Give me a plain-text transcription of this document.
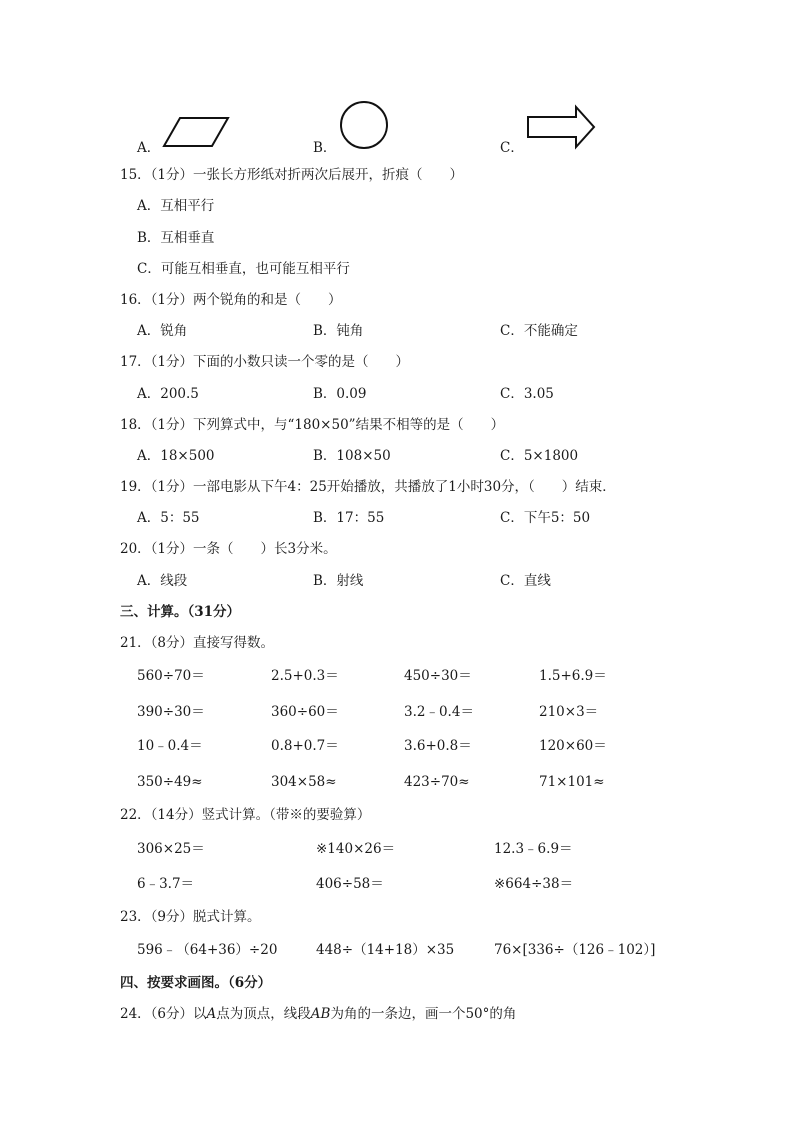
A．	B．	C．
15．（1分）一张长方形纸对折两次后展开，折痕（　　）
A．互相平行
B．互相垂直
C．可能互相垂直，也可能互相平行
16．（1分）两个锐角的和是（　　）
A．锐角	B．钝角	C．不能确定
17．（1分）下面的小数只读一个零的是（　　）
A．200.5	B．0.09	C．3.05
18．（1分）下列算式中，与“180×50”结果不相等的是（　　）
A．18×500	B．108×50	C．5×1800
19．（1分）一部电影从下午4：25开始播放，共播放了1小时30分，（　　）结束．
A．5：55	B．17：55	C．下午5：50
20．（1分）一条（　　）长3分米。
A．线段	B．射线	C．直线
三、计算。（31分）
21．（8分）直接写得数。
560÷70＝	2.5+0.3＝	450÷30＝	1.5+6.9＝
390÷30＝	360÷60＝	3.2﹣0.4＝	210×3＝
10﹣0.4＝	0.8+0.7＝	3.6+0.8＝	120×60＝
350÷49≈	304×58≈	423÷70≈	71×101≈
22．（14分）竖式计算。（带※的要验算）
306×25＝	※140×26＝	12.3﹣6.9＝
6﹣3.7＝	406÷58＝	※664÷38＝
23．（9分）脱式计算。
596﹣（64+36）÷20	448÷（14+18）×35	76×[336÷（126﹣102）]
四、按要求画图。（6分）
24．（6分）以A点为顶点，线段AB为角的一条边，画一个50°的角
